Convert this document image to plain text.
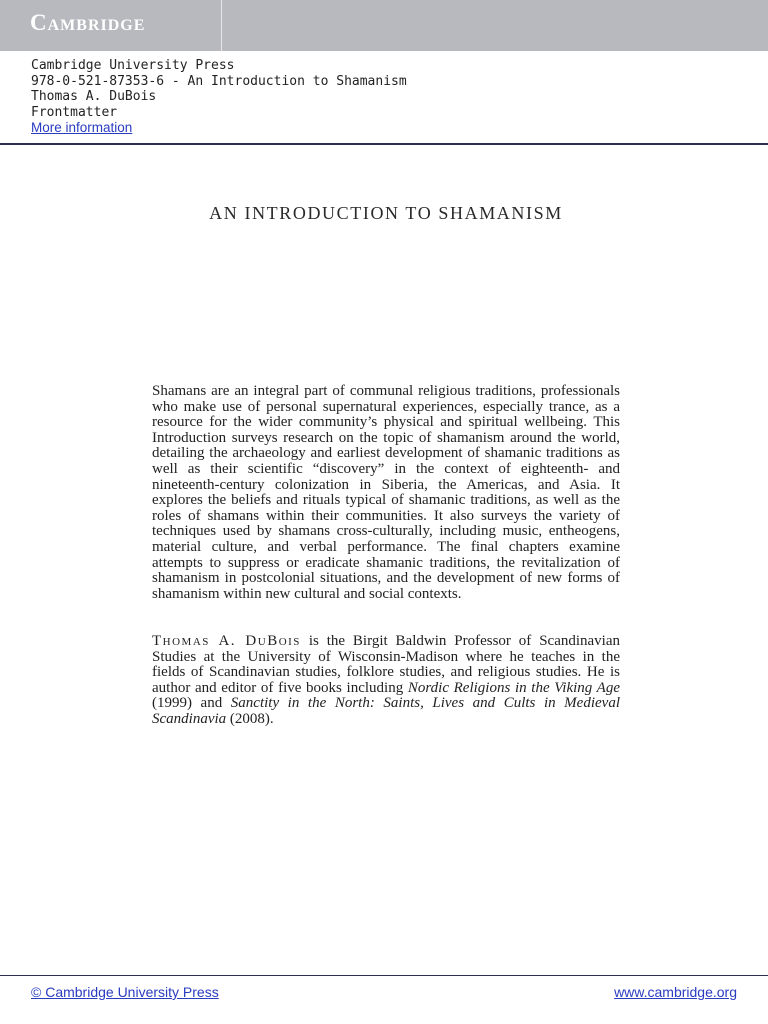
Cambridge
Cambridge University Press
978-0-521-87353-6 - An Introduction to Shamanism
Thomas A. DuBois
Frontmatter
More information
AN INTRODUCTION TO SHAMANISM

Shamans are an integral part of communal religious traditions, professionals who make use of personal supernatural experiences, especially trance, as a resource for the wider community’s physical and spiritual wellbeing. This Introduction surveys research on the topic of shamanism around the world, detailing the archaeology and earliest development of shamanic traditions as well as their scientific “discovery” in the context of eighteenth- and nineteenth-century colonization in Siberia, the Americas, and Asia. It explores the beliefs and rituals typical of shamanic traditions, as well as the roles of shamans within their communities. It also surveys the variety of techniques used by shamans cross-culturally, including music, entheogens, material culture, and verbal performance. The final chapters examine attempts to suppress or eradicate shamanic traditions, the revitalization of shamanism in postcolonial situations, and the development of new forms of shamanism within new cultural and social contexts.

Thomas A. DuBois is the Birgit Baldwin Professor of Scandinavian Studies at the University of Wisconsin-Madison where he teaches in the fields of Scandinavian studies, folklore studies, and religious studies. He is author and editor of five books including Nordic Religions in the Viking Age (1999) and Sanctity in the North: Saints, Lives and Cults in Medieval Scandinavia (2008).

© Cambridge University Press	www.cambridge.org
